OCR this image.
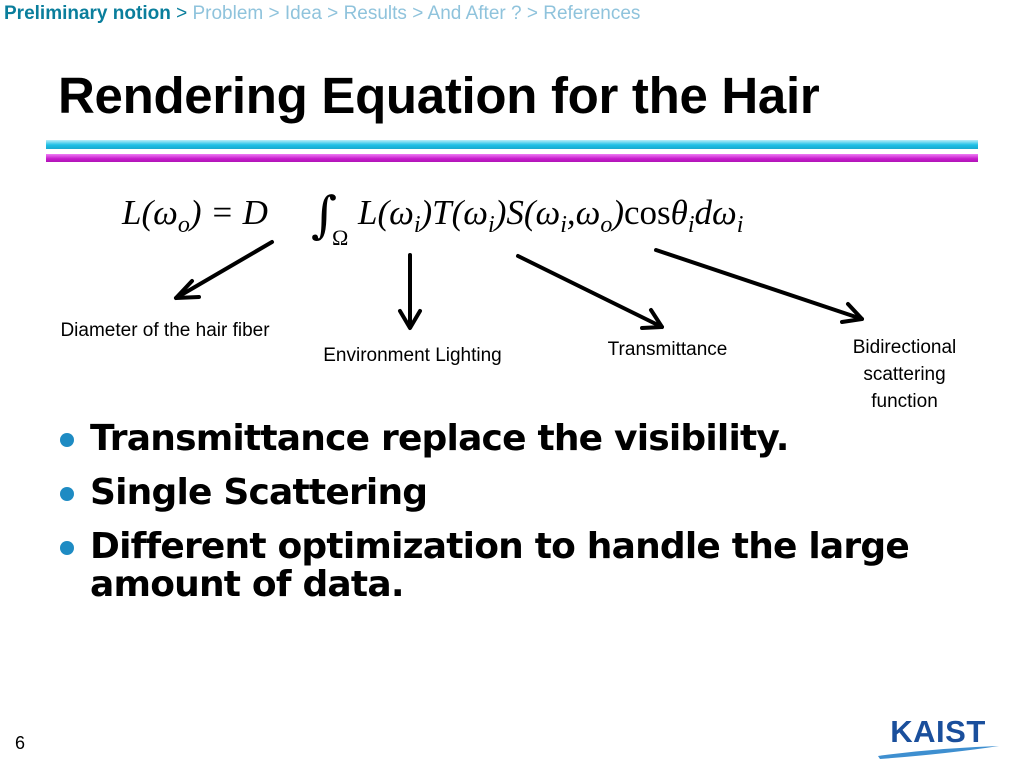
Preliminary notion > Problem > Idea > Results > And After ? > References
Rendering Equation for the Hair
$L(\omega_o) = D$ ∫
Ω
$L(\omega_i)T(\omega_i)S(\omega_i,\omega_o)\cos\theta_id\omega_i$
Diameter of the hair fiber
Environment Lighting	Transmittance	Bidirectional scattering function
Transmittance replace the visibility.
Single Scattering
Different optimization to handle the large amount of data.
6	KAIST
